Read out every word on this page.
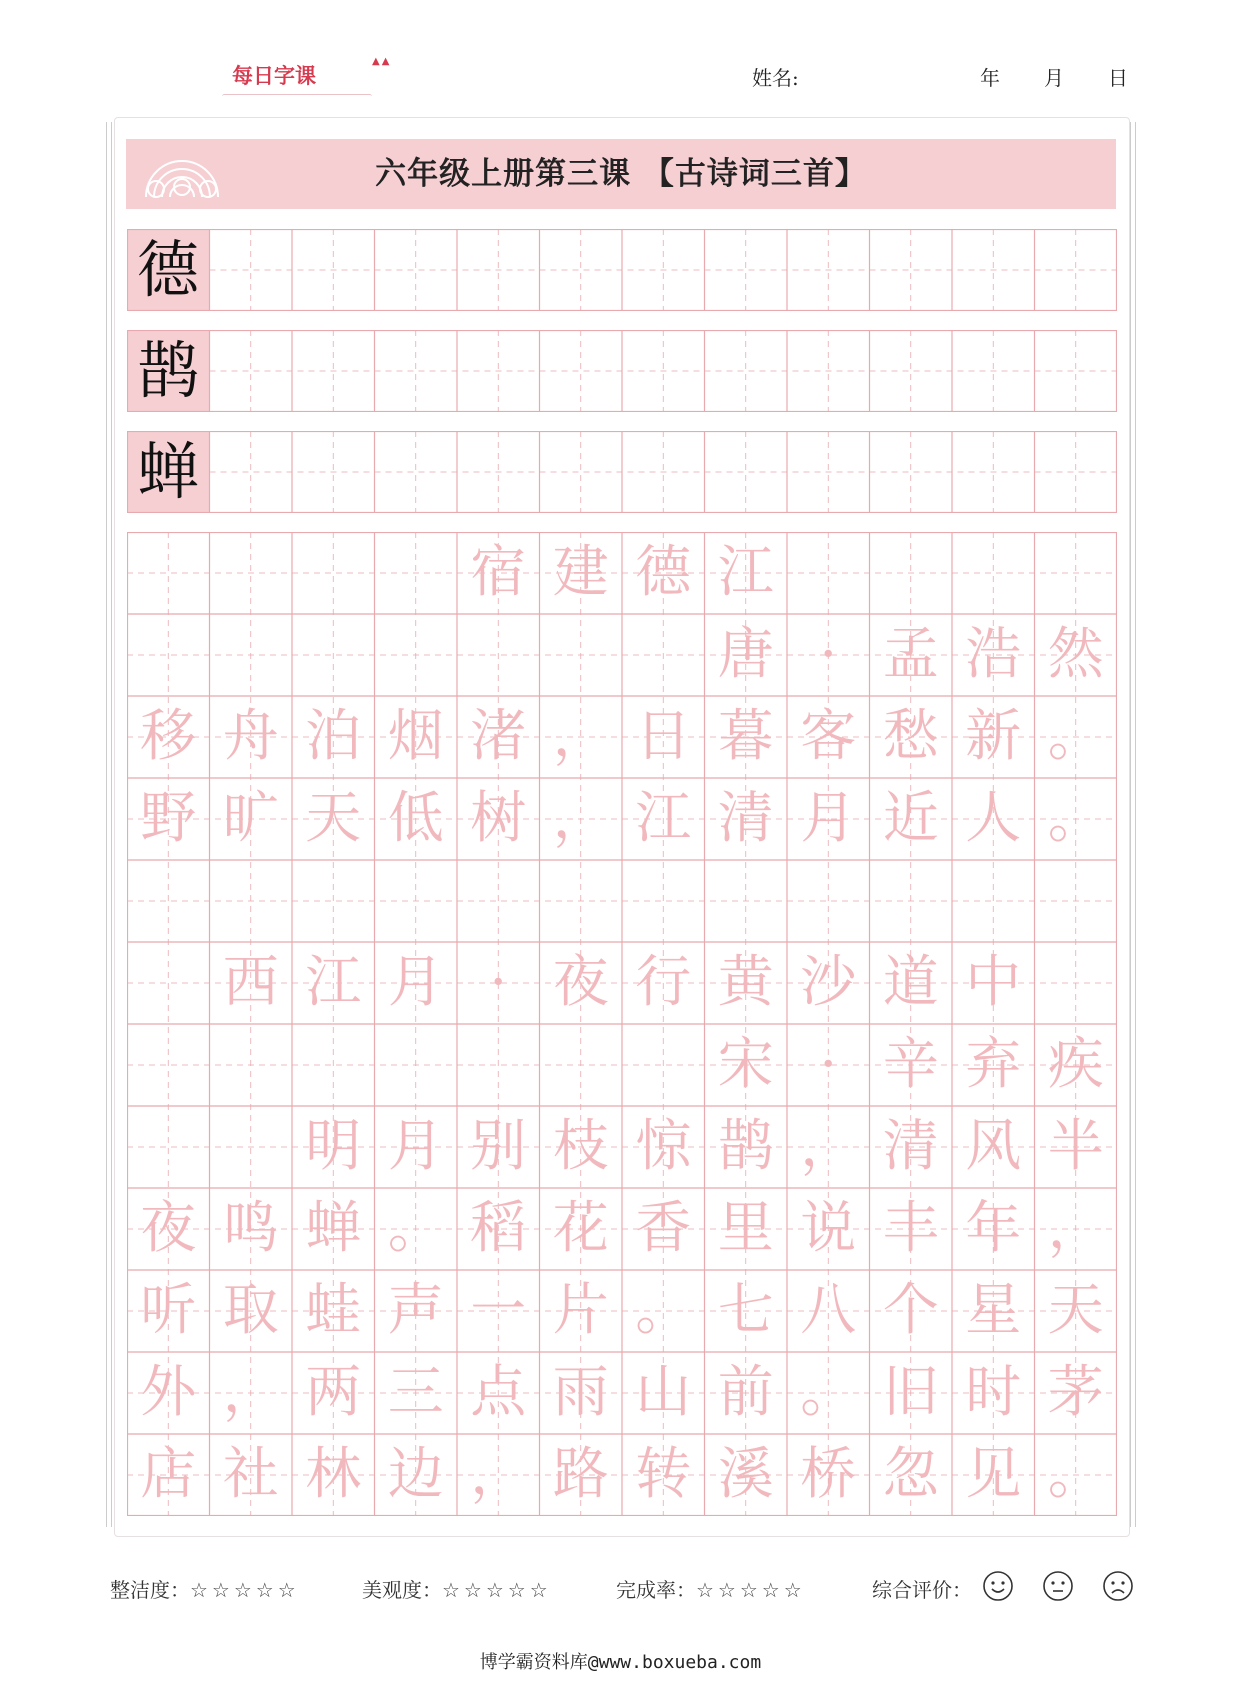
每日字课
▲▲
姓名:	年 月 日
六年级上册第三课 【古诗词三首】
德
鹊
蝉
宿 建 德 江
唐 · 孟 浩 然
移 舟 泊 烟 渚 ， 日 暮 客 愁 新 。
野 旷 天 低 树 ， 江 清 月 近 人 。
西 江 月 · 夜 行 黄 沙 道 中
宋 · 辛 弃 疾
明 月 别 枝 惊 鹊 ， 清 风 半
夜 鸣 蝉 。 稻 花 香 里 说 丰 年 ，
听 取 蛙 声 一 片 。 七 八 个 星 天
外 ， 两 三 点 雨 山 前 。 旧 时 茅
店 社 林 边 ， 路 转 溪 桥 忽 见 。
整洁度：☆☆☆☆☆	美观度：☆☆☆☆☆	完成率：☆☆☆☆☆	综合评价：
博学霸资料库@www.boxueba.com
